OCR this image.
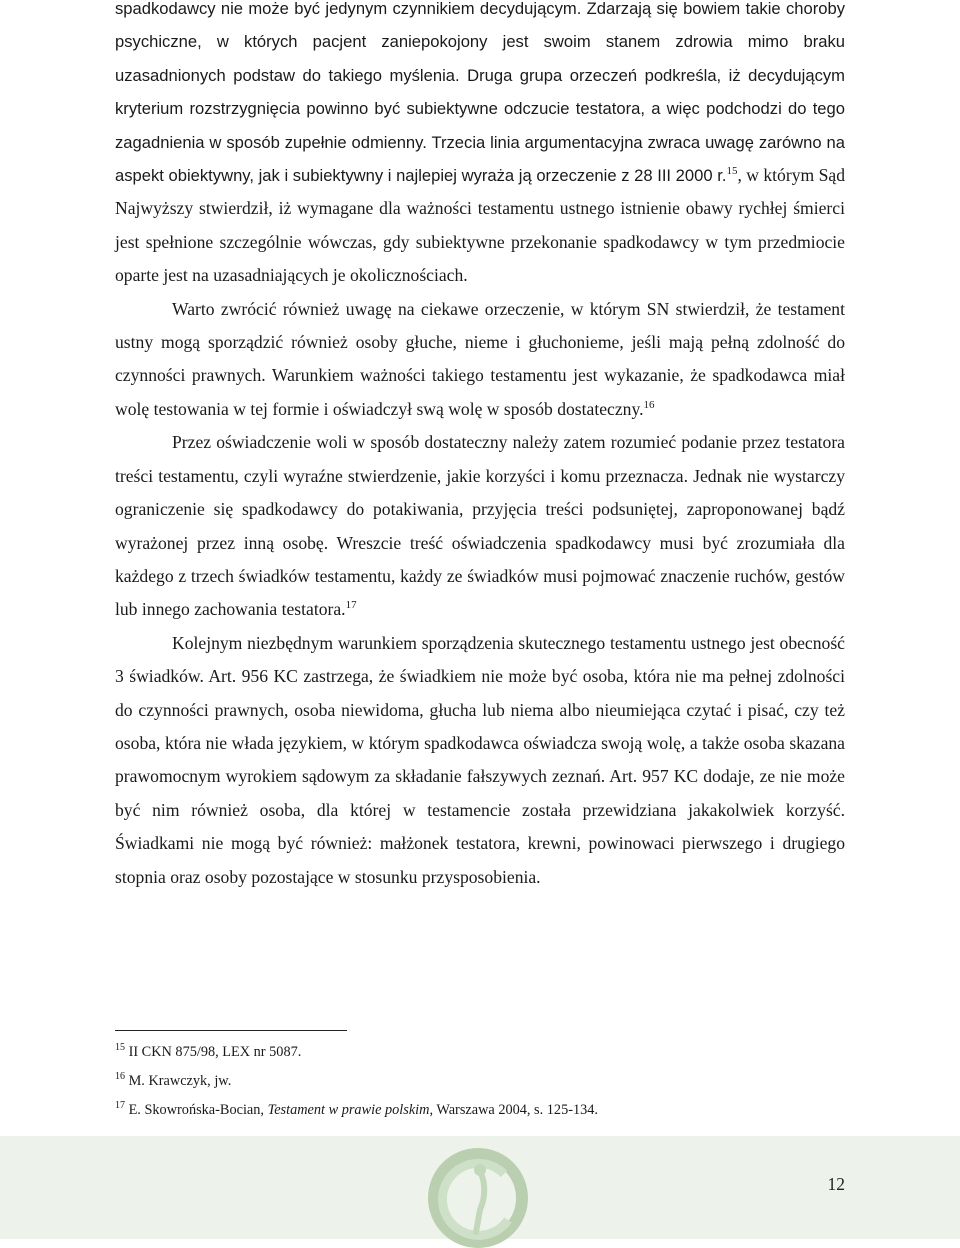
spadkodawcy nie może być jedynym czynnikiem decydującym. Zdarzają się bowiem takie choroby psychiczne, w których pacjent zaniepokojony jest swoim stanem zdrowia mimo braku uzasadnionych podstaw do takiego myślenia. Druga grupa orzeczeń podkreśla, iż decydującym kryterium rozstrzygnięcia powinno być subiektywne odczucie testatora, a więc podchodzi do tego zagadnienia w sposób zupełnie odmienny. Trzecia linia argumentacyjna zwraca uwagę zarówno na aspekt obiektywny, jak i subiektywny i najlepiej wyraża ją orzeczenie z 28 III 2000 r.$^{15}$, w którym Sąd Najwyższy stwierdził, iż wymagane dla ważności testamentu ustnego istnienie obawy rychłej śmierci jest spełnione szczególnie wówczas, gdy subiektywne przekonanie spadkodawcy w tym przedmiocie oparte jest na uzasadniających je okolicznościach.

Warto zwrócić również uwagę na ciekawe orzeczenie, w którym SN stwierdził, że testament ustny mogą sporządzić również osoby głuche, nieme i głuchonieme, jeśli mają pełną zdolność do czynności prawnych. Warunkiem ważności takiego testamentu jest wykazanie, że spadkodawca miał wolę testowania w tej formie i oświadczył swą wolę w sposób dostateczny.$^{16}$

Przez oświadczenie woli w sposób dostateczny należy zatem rozumieć podanie przez testatora treści testamentu, czyli wyraźne stwierdzenie, jakie korzyści i komu przeznacza. Jednak nie wystarczy ograniczenie się spadkodawcy do potakiwania, przyjęcia treści podsuniętej, zaproponowanej bądź wyrażonej przez inną osobę. Wreszcie treść oświadczenia spadkodawcy musi być zrozumiała dla każdego z trzech świadków testamentu, każdy ze świadków musi pojmować znaczenie ruchów, gestów lub innego zachowania testatora.$^{17}$

Kolejnym niezbędnym warunkiem sporządzenia skutecznego testamentu ustnego jest obecność 3 świadków. Art. 956 KC zastrzega, że świadkiem nie może być osoba, która nie ma pełnej zdolności do czynności prawnych, osoba niewidoma, głucha lub niema albo nieumiejąca czytać i pisać, czy też osoba, która nie włada językiem, w którym spadkodawca oświadcza swoją wolę, a także osoba skazana prawomocnym wyrokiem sądowym za składanie fałszywych zeznań. Art. 957 KC dodaje, ze nie może być nim również osoba, dla której w testamencie została przewidziana jakakolwiek korzyść. Świadkami nie mogą być również: małżonek testatora, krewni, powinowaci pierwszego i drugiego stopnia oraz osoby pozostające w stosunku przysposobienia.

$^{15}$ II CKN 875/98, LEX nr 5087.

$^{16}$ M. Krawczyk, jw.

$^{17}$ E. Skowrońska-Bocian, Testament w prawie polskim, Warszawa 2004, s. 125-134.

12
